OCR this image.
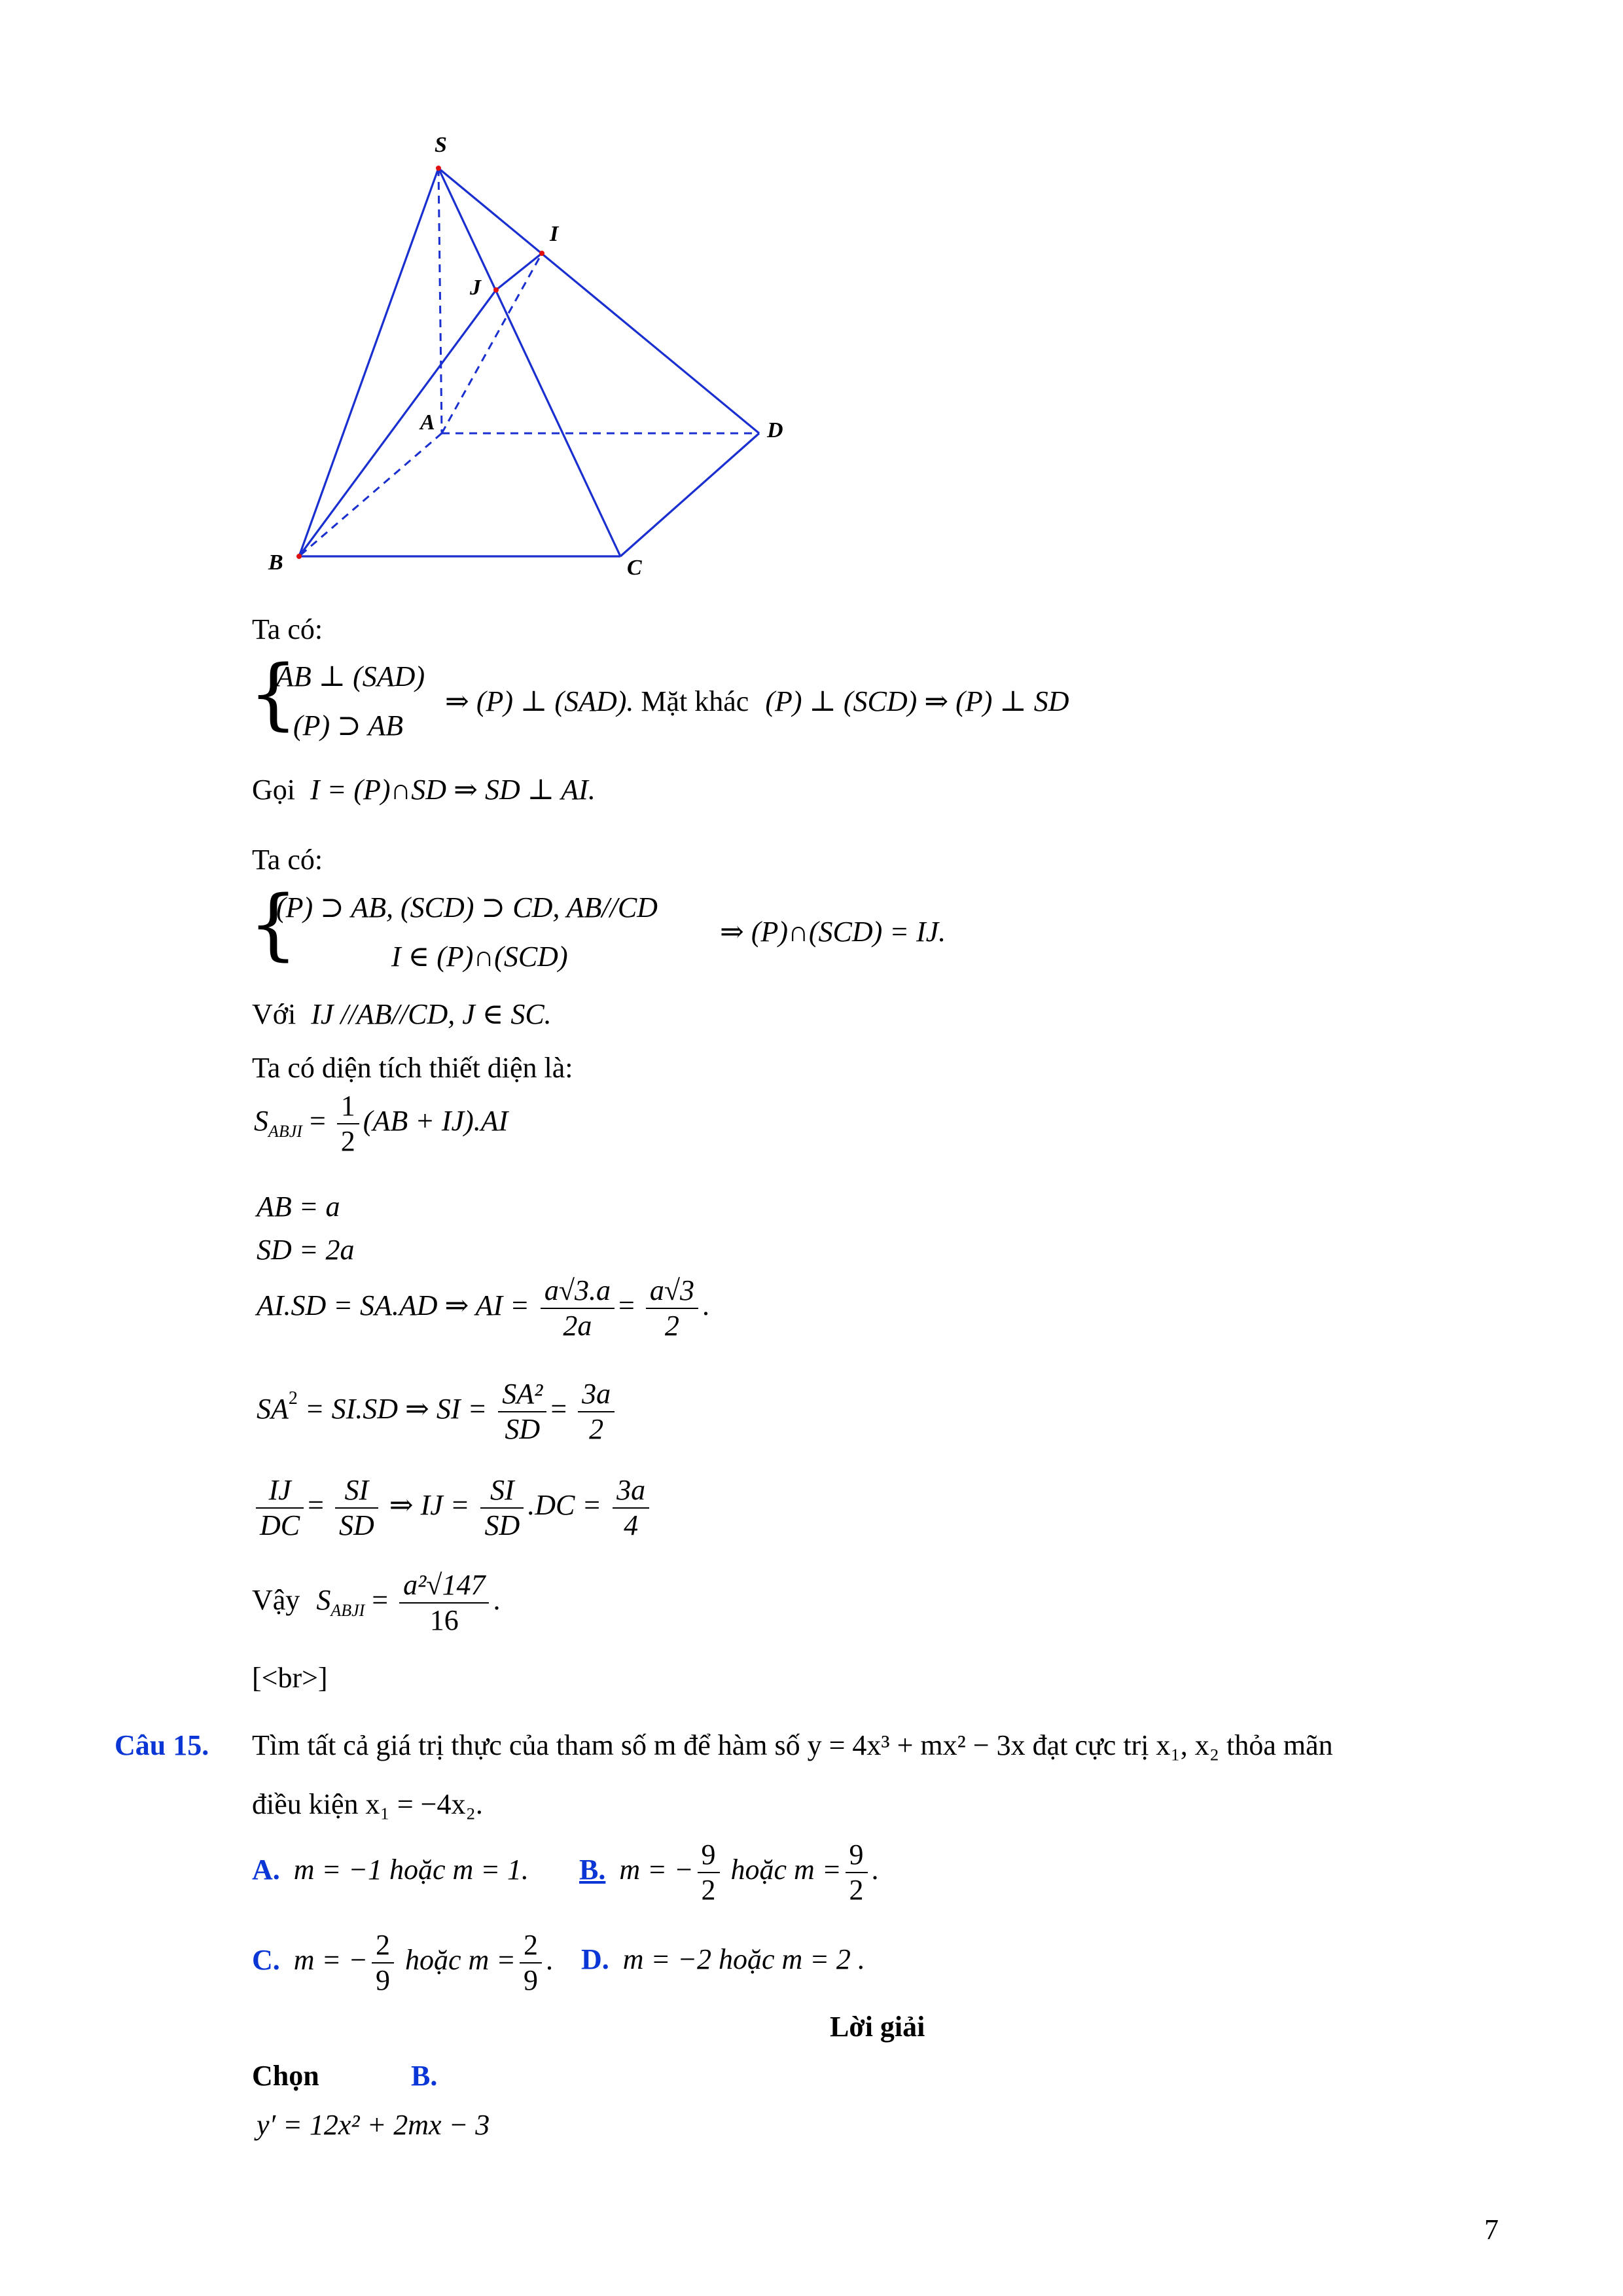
S
I
J
A	D
B	C
Ta có:
{
AB ⊥ (SAD)
(P) ⊃ AB
⇒ (P) ⊥ (SAD). Mặt khác (P) ⊥ (SCD) ⇒ (P) ⊥ SD
Gọi I = (P)∩SD ⇒ SD ⊥ AI.
Ta có:
{
(P) ⊃ AB, (SCD) ⊃ CD, AB//CD
I ∈ (P)∩(SCD)
⇒ (P)∩(SCD) = IJ.
Với IJ //AB//CD, J ∈ SC.
Ta có diện tích thiết diện là:
$S_{ABJI} = \frac{1}{2} (AB + IJ).AI$
AB = a
SD = 2a
AI.SD = SA.AD ⇒ AI = $\frac{a√3.a}{2a} = \frac{a√3}{2}$ .
$SA^2 = SI.SD$ ⇒ SI = $\frac{\text{SA²}}{SD} = \frac{3a}{2}$
$\frac{IJ}{DC} = \frac{SI}{SD}$ ⇒ IJ = $\frac{SI}{SD} .DC = \frac{3a}{4}$
Vậy $S_{ABJI} = \frac{\text{a²√147}}{16}$ .
[<br>]
Câu 15. Tìm tất cả giá trị thực của tham số m để hàm số y = 4x³ + mx² − 3x đạt cực trị x₁, x₂ thỏa mãn
điều kiện x₁ = −4x₂.
A. m = −1 hoặc m = 1. B. m = − $\frac{9}{2}$ hoặc $m = \frac{9}{2}$ .
C. m = − $\frac{2}{9}$ hoặc $m = \frac{2}{9}$ . D. m = −2 hoặc m = 2 .
Lời giải
Chọn	B.
y′ = 12x² + 2mx − 3
7
